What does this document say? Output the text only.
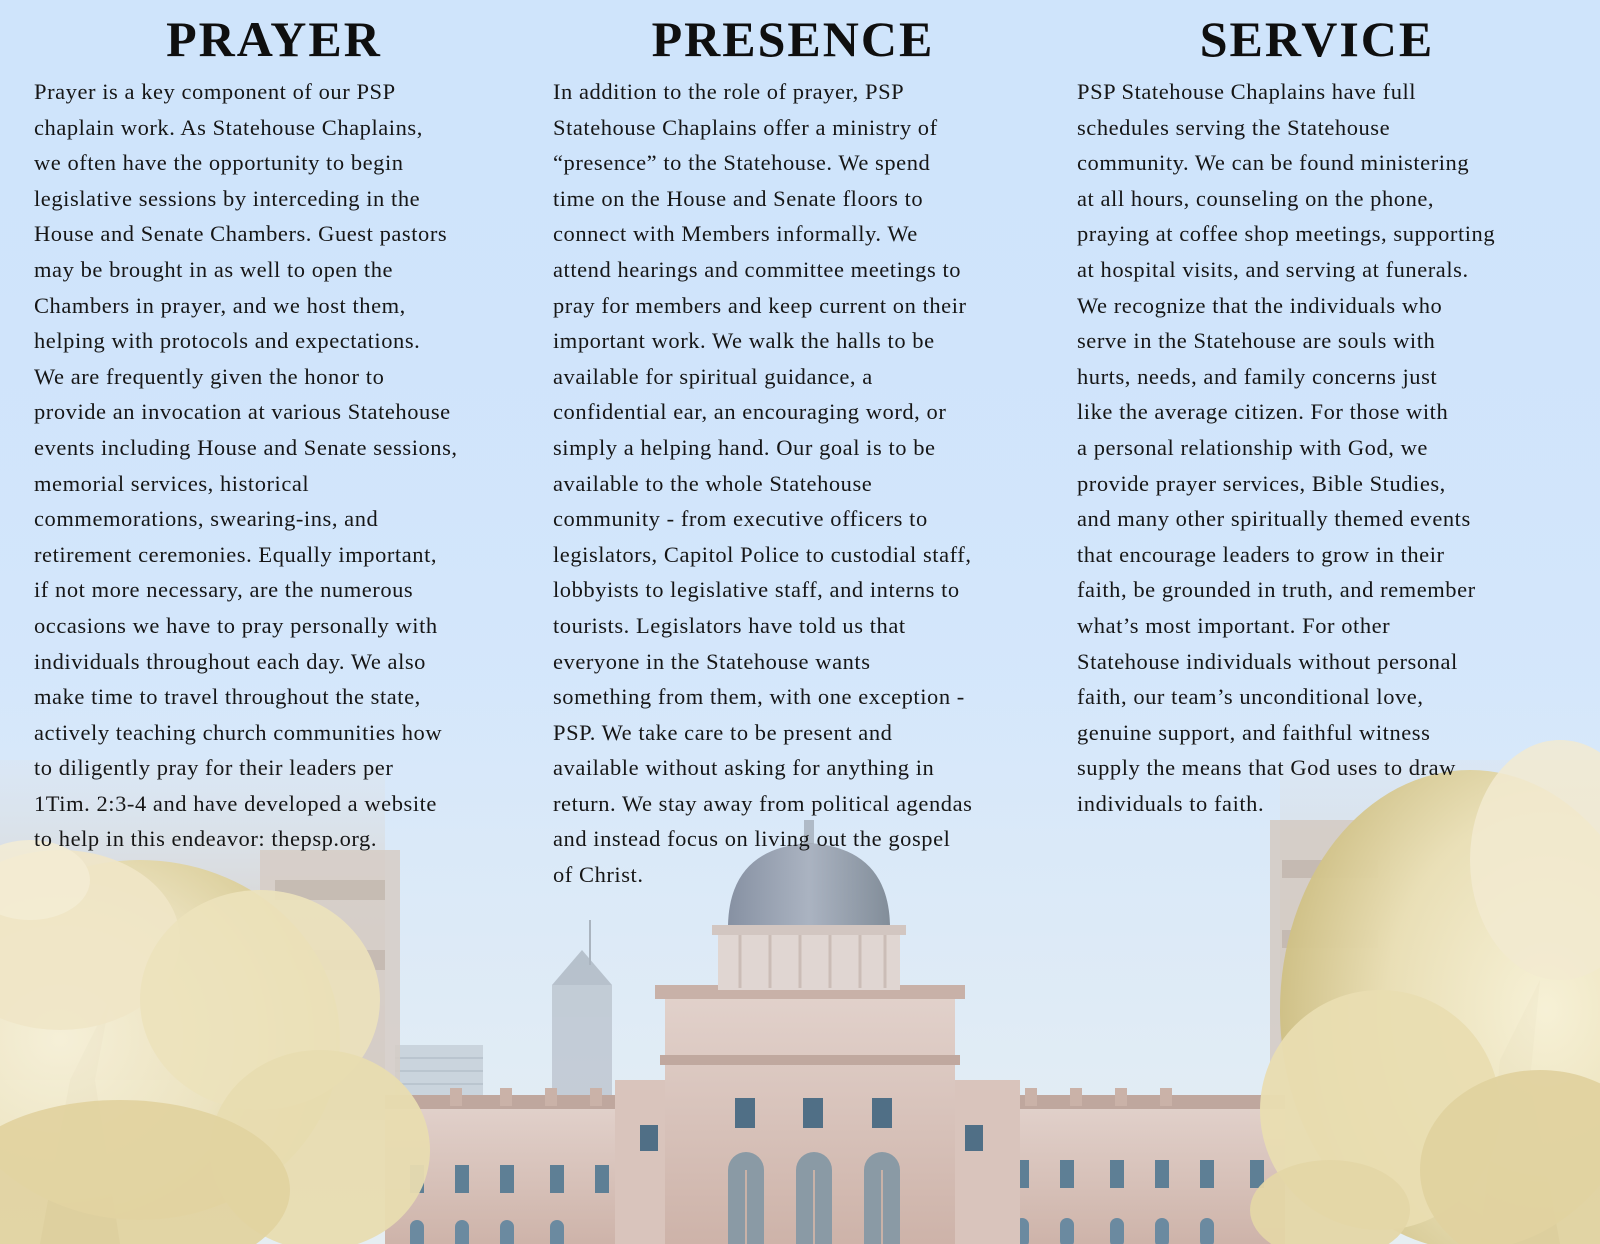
PRAYER

Prayer is a key component of our PSP
chaplain work. As Statehouse Chaplains,
we often have the opportunity to begin
legislative sessions by interceding in the
House and Senate Chambers. Guest pastors
may be brought in as well to open the
Chambers in prayer, and we host them,
helping with protocols and expectations.
We are frequently given the honor to
provide an invocation at various Statehouse
events including House and Senate sessions,
memorial services, historical
commemorations, swearing-ins, and
retirement ceremonies. Equally important,
if not more necessary, are the numerous
occasions we have to pray personally with
individuals throughout each day. We also
make time to travel throughout the state,
actively teaching church communities how
to diligently pray for their leaders per
1Tim. 2:3-4 and have developed a website
to help in this endeavor: thepsp.org.

PRESENCE

In addition to the role of prayer, PSP
Statehouse Chaplains offer a ministry of
“presence” to the Statehouse. We spend
time on the House and Senate floors to
connect with Members informally. We
attend hearings and committee meetings to
pray for members and keep current on their
important work. We walk the halls to be
available for spiritual guidance, a
confidential ear, an encouraging word, or
simply a helping hand. Our goal is to be
available to the whole Statehouse
community - from executive officers to
legislators, Capitol Police to custodial staff,
lobbyists to legislative staff, and interns to
tourists. Legislators have told us that
everyone in the Statehouse wants
something from them, with one exception -
PSP. We take care to be present and
available without asking for anything in
return. We stay away from political agendas
and instead focus on living out the gospel
of Christ.

SERVICE

PSP Statehouse Chaplains have full
schedules serving the Statehouse
community. We can be found ministering
at all hours, counseling on the phone,
praying at coffee shop meetings, supporting
at hospital visits, and serving at funerals.
We recognize that the individuals who
serve in the Statehouse are souls with
hurts, needs, and family concerns just
like the average citizen. For those with
a personal relationship with God, we
provide prayer services, Bible Studies,
and many other spiritually themed events
that encourage leaders to grow in their
faith, be grounded in truth, and remember
what’s most important. For other
Statehouse individuals without personal
faith, our team’s unconditional love,
genuine support, and faithful witness
supply the means that God uses to draw
individuals to faith.
